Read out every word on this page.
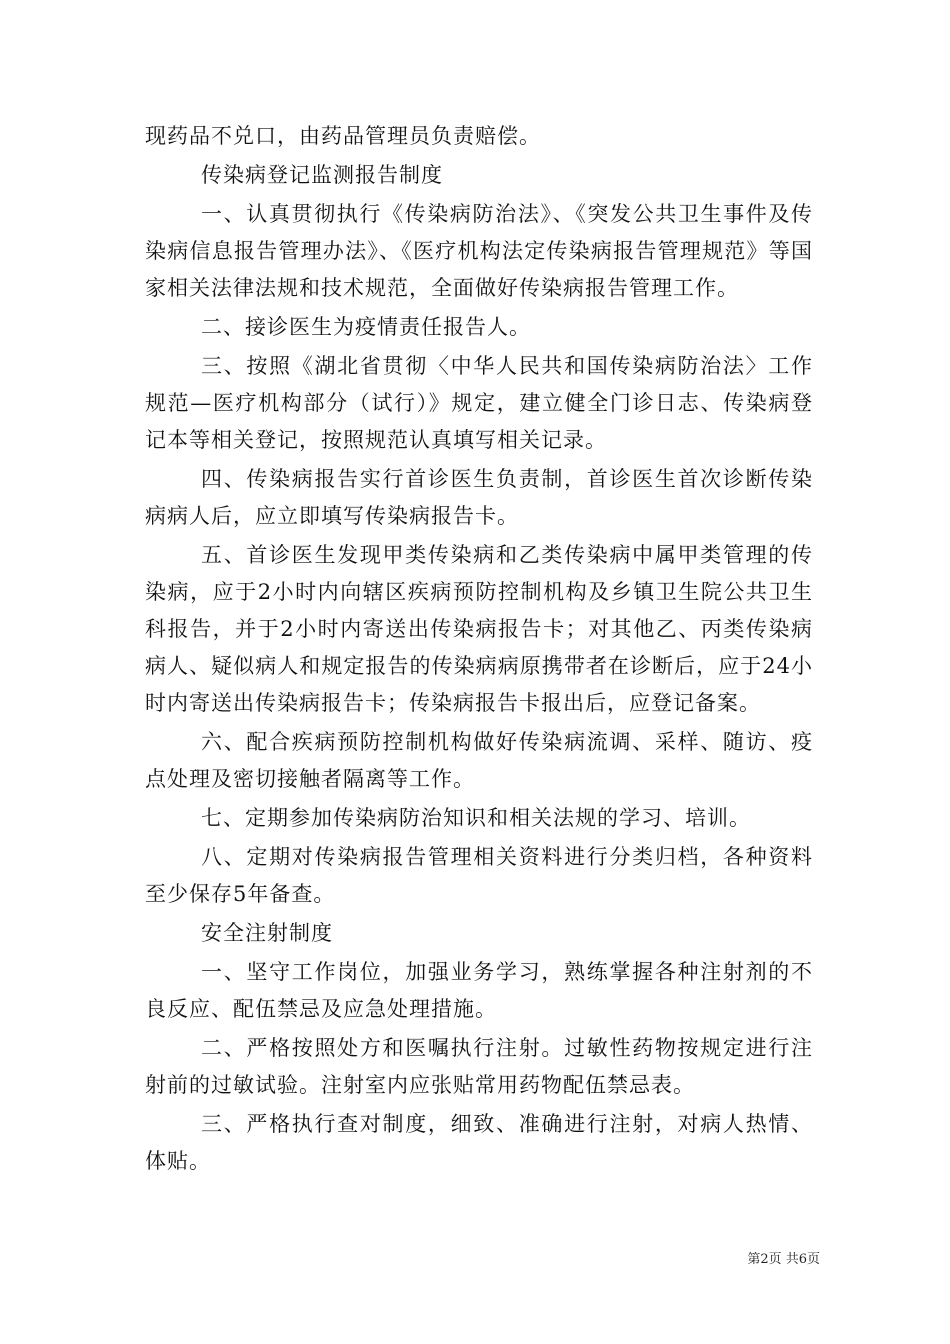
现药品不兑口，由药品管理员负责赔偿。

传染病登记监测报告制度

一、认真贯彻执行《传染病防治法》、《突发公共卫生事件及传染病信息报告管理办法》、《医疗机构法定传染病报告管理规范》等国家相关法律法规和技术规范，全面做好传染病报告管理工作。

二、接诊医生为疫情责任报告人。

三、按照《湖北省贯彻〈中华人民共和国传染病防治法〉工作规范—医疗机构部分（试行）》规定，建立健全门诊日志、传染病登记本等相关登记，按照规范认真填写相关记录。

四、传染病报告实行首诊医生负责制，首诊医生首次诊断传染病病人后，应立即填写传染病报告卡。

五、首诊医生发现甲类传染病和乙类传染病中属甲类管理的传染病，应于2小时内向辖区疾病预防控制机构及乡镇卫生院公共卫生科报告，并于2小时内寄送出传染病报告卡；对其他乙、丙类传染病病人、疑似病人和规定报告的传染病病原携带者在诊断后，应于24小时内寄送出传染病报告卡；传染病报告卡报出后，应登记备案。

六、配合疾病预防控制机构做好传染病流调、采样、随访、疫点处理及密切接触者隔离等工作。

七、定期参加传染病防治知识和相关法规的学习、培训。

八、定期对传染病报告管理相关资料进行分类归档，各种资料至少保存5年备查。

安全注射制度

一、坚守工作岗位，加强业务学习，熟练掌握各种注射剂的不良反应、配伍禁忌及应急处理措施。

二、严格按照处方和医嘱执行注射。过敏性药物按规定进行注射前的过敏试验。注射室内应张贴常用药物配伍禁忌表。

三、严格执行查对制度，细致、准确进行注射，对病人热情、体贴。

第2页 共6页
